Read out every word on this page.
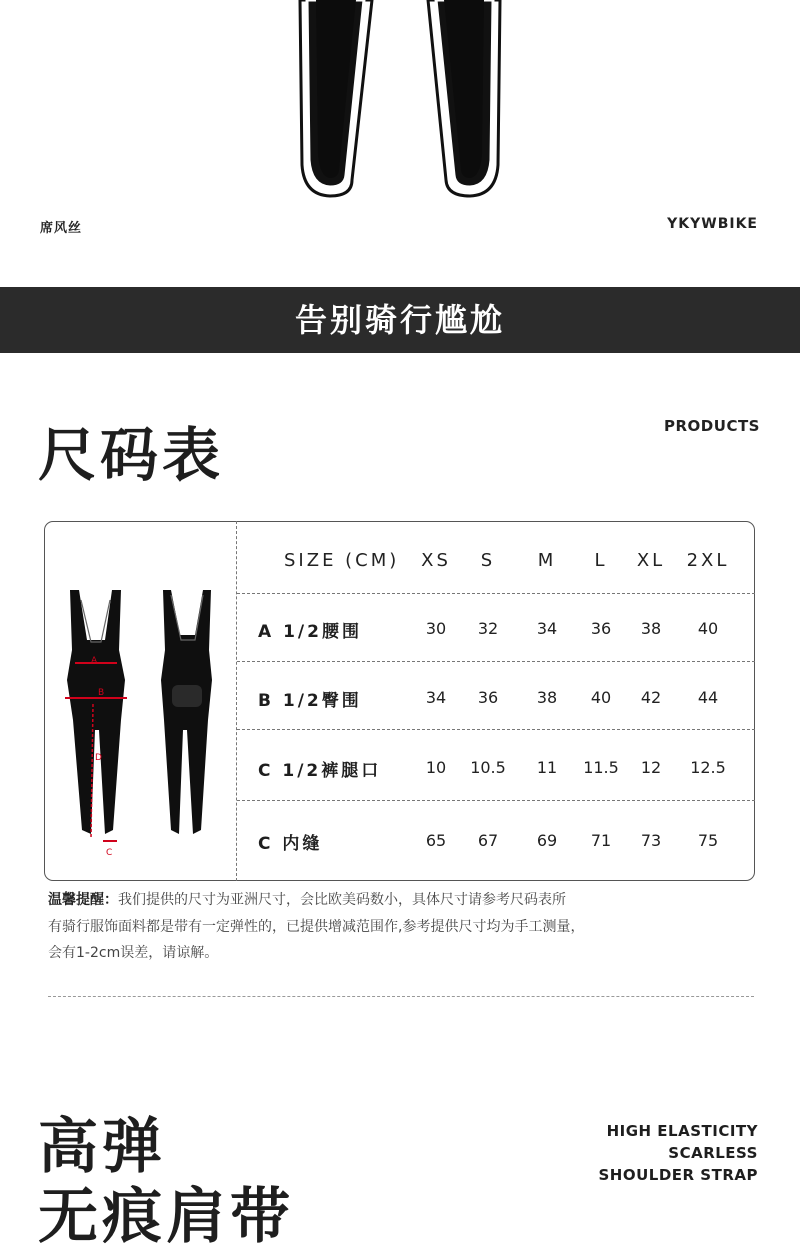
席风丝	YKYWBIKE
告别骑行尴尬
尺码表	PRODUCTS
A
B
D
C
SIZE (CM)	XS	S	M	L	XL	2XL
A 1/2腰围	30	32	34	36	38	40
B 1/2臀围	34	36	38	40	42	44
C 1/2裤腿口	10	10.5	11	11.5	12	12.5
C 内缝	65	67	69	71	73	75
温馨提醒：我们提供的尺寸为亚洲尺寸，会比欧美码数小，具体尺寸请参考尺码表所
有骑行服饰面料都是带有一定弹性的，已提供增减范围作,参考提供尺寸均为手工测量，
会有1-2cm误差，请谅解。
高弹
无痕肩带
HIGH ELASTICITY
SCARLESS
SHOULDER STRAP
